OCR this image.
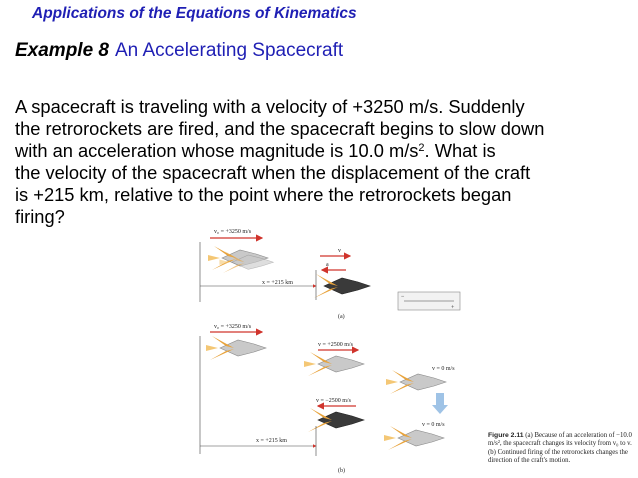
Applications of the Equations of Kinematics
Example 8 An Accelerating Spacecraft

A spacecraft is traveling with a velocity of +3250 m/s. Suddenly

the retrorockets are fired, and the spacecraft begins to slow down

with an acceleration whose magnitude is 10.0 $m/s^2$. What is

the velocity of the spacecraft when the displacement of the craft

is +215 km, relative to the point where the retrorockets began

firing?

v₀ = +3250 m/s
x = +215 km
v
a
(a)
−
+
v₀ = +3250 m/s
v = +2500 m/s
v = 0 m/s
v = −2500 m/s
v = 0 m/s
x = +215 km
(b)
Figure 2.11 (a) Because of an acceleration of −10.0 m/s², the spacecraft changes its velocity from v₀ to v. (b) Continued firing of the retrorockets changes the direction of the craft's motion.
